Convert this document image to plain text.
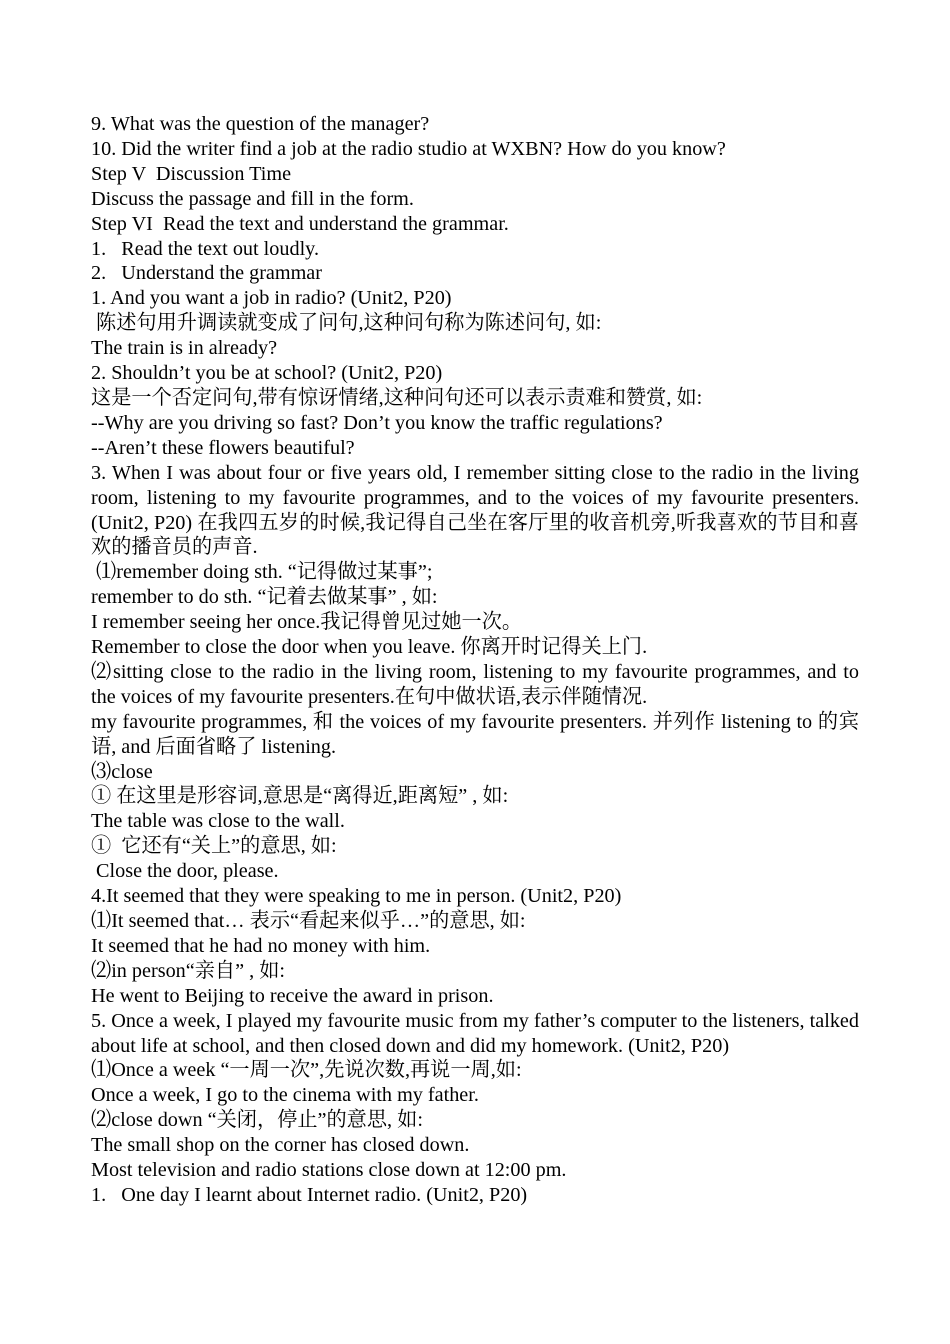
9. What was the question of the manager?

10. Did the writer find a job at the radio studio at WXBN? How do you know?

Step V  Discussion Time

Discuss the passage and fill in the form.

Step VI  Read the text and understand the grammar.

1.   Read the text out loudly.

2.   Understand the grammar

1. And you want a job in radio? (Unit2, P20)

陈述句用升调读就变成了问句,这种问句称为陈述问句, 如:

The train is in already?

2. Shouldn’t you be at school? (Unit2, P20)

这是一个否定问句,带有惊讶情绪,这种问句还可以表示责难和赞赏, 如:

--Why are you driving so fast? Don’t you know the traffic regulations?

--Aren’t these flowers beautiful?

3. When I was about four or five years old, I remember sitting close to the radio in the living room, listening to my favourite programmes, and to the voices of my favourite presenters. (Unit2, P20) 在我四五岁的时候,我记得自己坐在客厅里的收音机旁,听我喜欢的节目和喜欢的播音员的声音.

⑴remember doing sth. “记得做过某事”;

remember to do sth. “记着去做某事” , 如:

I remember seeing her once.我记得曾见过她一次。

Remember to close the door when you leave. 你离开时记得关上门.

⑵sitting close to the radio in the living room, listening to my favourite programmes, and to the voices of my favourite presenters.在句中做状语,表示伴随情况.

my favourite programmes, 和 the voices of my favourite presenters. 并列作 listening to 的宾语, and 后面省略了 listening.

⑶close

① 在这里是形容词,意思是“离得近,距离短” , 如:

The table was close to the wall.

①  它还有“关上”的意思, 如:

Close the door, please.

4.It seemed that they were speaking to me in person. (Unit2, P20)

⑴It seemed that… 表示“看起来似乎…”的意思, 如:

It seemed that he had no money with him.

⑵in person“亲自” , 如:

He went to Beijing to receive the award in prison.

5. Once a week, I played my favourite music from my father’s computer to the listeners, talked about life at school, and then closed down and did my homework. (Unit2, P20)

⑴Once a week “一周一次”,先说次数,再说一周,如:

Once a week, I go to the cinema with my father.

⑵close down “关闭，停止”的意思, 如:

The small shop on the corner has closed down.

Most television and radio stations close down at 12:00 pm.

1.   One day I learnt about Internet radio. (Unit2, P20)
